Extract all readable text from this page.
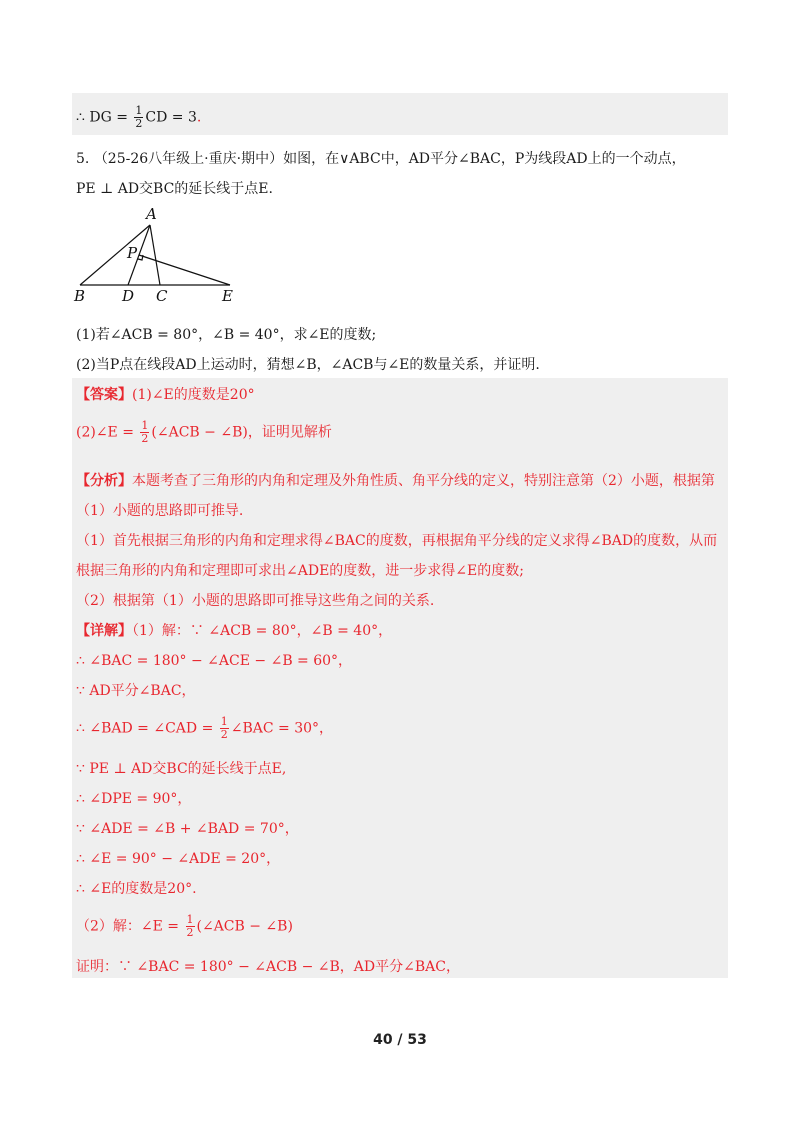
∴ DG = $\frac{1}{2}$ CD = 3.
5. （25-26八年级上·重庆·期中）如图，在∨ABC中，AD平分∠BAC，P为线段AD上的一个动点，
PE ⊥ AD交BC的延长线于点E.
A
P
B D C	E
(1)若∠ACB = 80°，∠B = 40°，求∠E的度数;
(2)当P点在线段AD上运动时，猜想∠B，∠ACB与∠E的数量关系，并证明.
【答案】(1)∠E的度数是20°
(2)∠E = $\frac{1}{2}$ (∠ACB − ∠B)，证明见解析
【分析】本题考查了三角形的内角和定理及外角性质、角平分线的定义，特别注意第（2）小题，根据第
（1）小题的思路即可推导.
（1）首先根据三角形的内角和定理求得∠BAC的度数，再根据角平分线的定义求得∠BAD的度数，从而
根据三角形的内角和定理即可求出∠ADE的度数，进一步求得∠E的度数;
（2）根据第（1）小题的思路即可推导这些角之间的关系.
【详解】（1）解：∵ ∠ACB = 80°，∠B = 40°，
∴ ∠BAC = 180° − ∠ACE − ∠B = 60°，
∵ AD平分∠BAC，
∴ ∠BAD = ∠CAD = $\frac{1}{2}$ ∠BAC = 30°，
∵ PE ⊥ AD交BC的延长线于点E,
∴ ∠DPE = 90°，
∵ ∠ADE = ∠B + ∠BAD = 70°，
∴ ∠E = 90° − ∠ADE = 20°，
∴ ∠E的度数是20°.
（2）解：∠E = $\frac{1}{2}$ (∠ACB − ∠B)
证明：∵ ∠BAC = 180° − ∠ACB − ∠B，AD平分∠BAC，
40 / 53
